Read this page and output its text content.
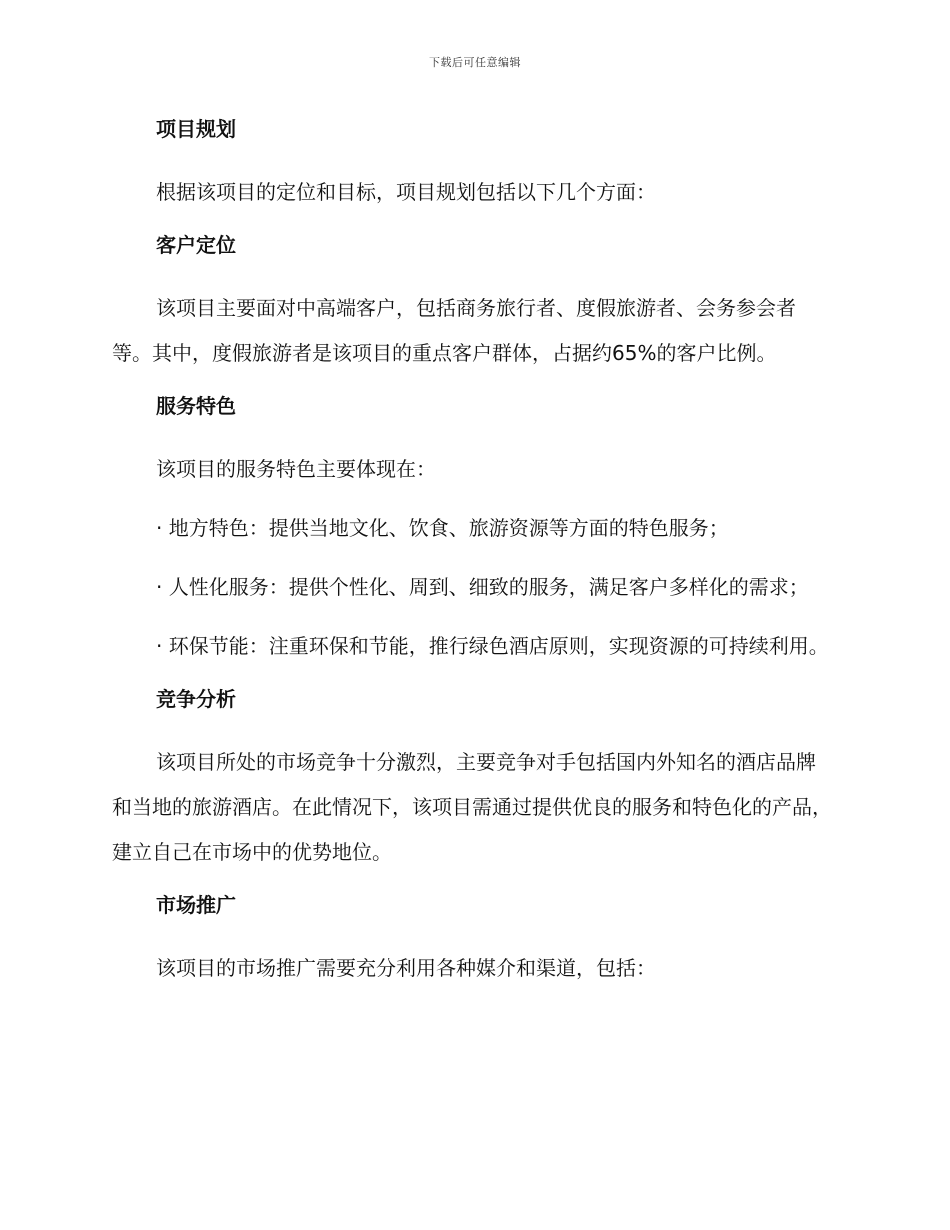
下载后可任意编辑
项目规划

根据该项目的定位和目标，项目规划包括以下几个方面：

客户定位

该项目主要面对中高端客户，包括商务旅行者、度假旅游者、会务参会者等。其中，度假旅游者是该项目的重点客户群体，占据约65%的客户比例。

服务特色

该项目的服务特色主要体现在：

· 地方特色：提供当地文化、饮食、旅游资源等方面的特色服务；

· 人性化服务：提供个性化、周到、细致的服务，满足客户多样化的需求；

· 环保节能：注重环保和节能，推行绿色酒店原则，实现资源的可持续利用。

竞争分析

该项目所处的市场竞争十分激烈，主要竞争对手包括国内外知名的酒店品牌和当地的旅游酒店。在此情况下，该项目需通过提供优良的服务和特色化的产品，建立自己在市场中的优势地位。

市场推广

该项目的市场推广需要充分利用各种媒介和渠道，包括：
